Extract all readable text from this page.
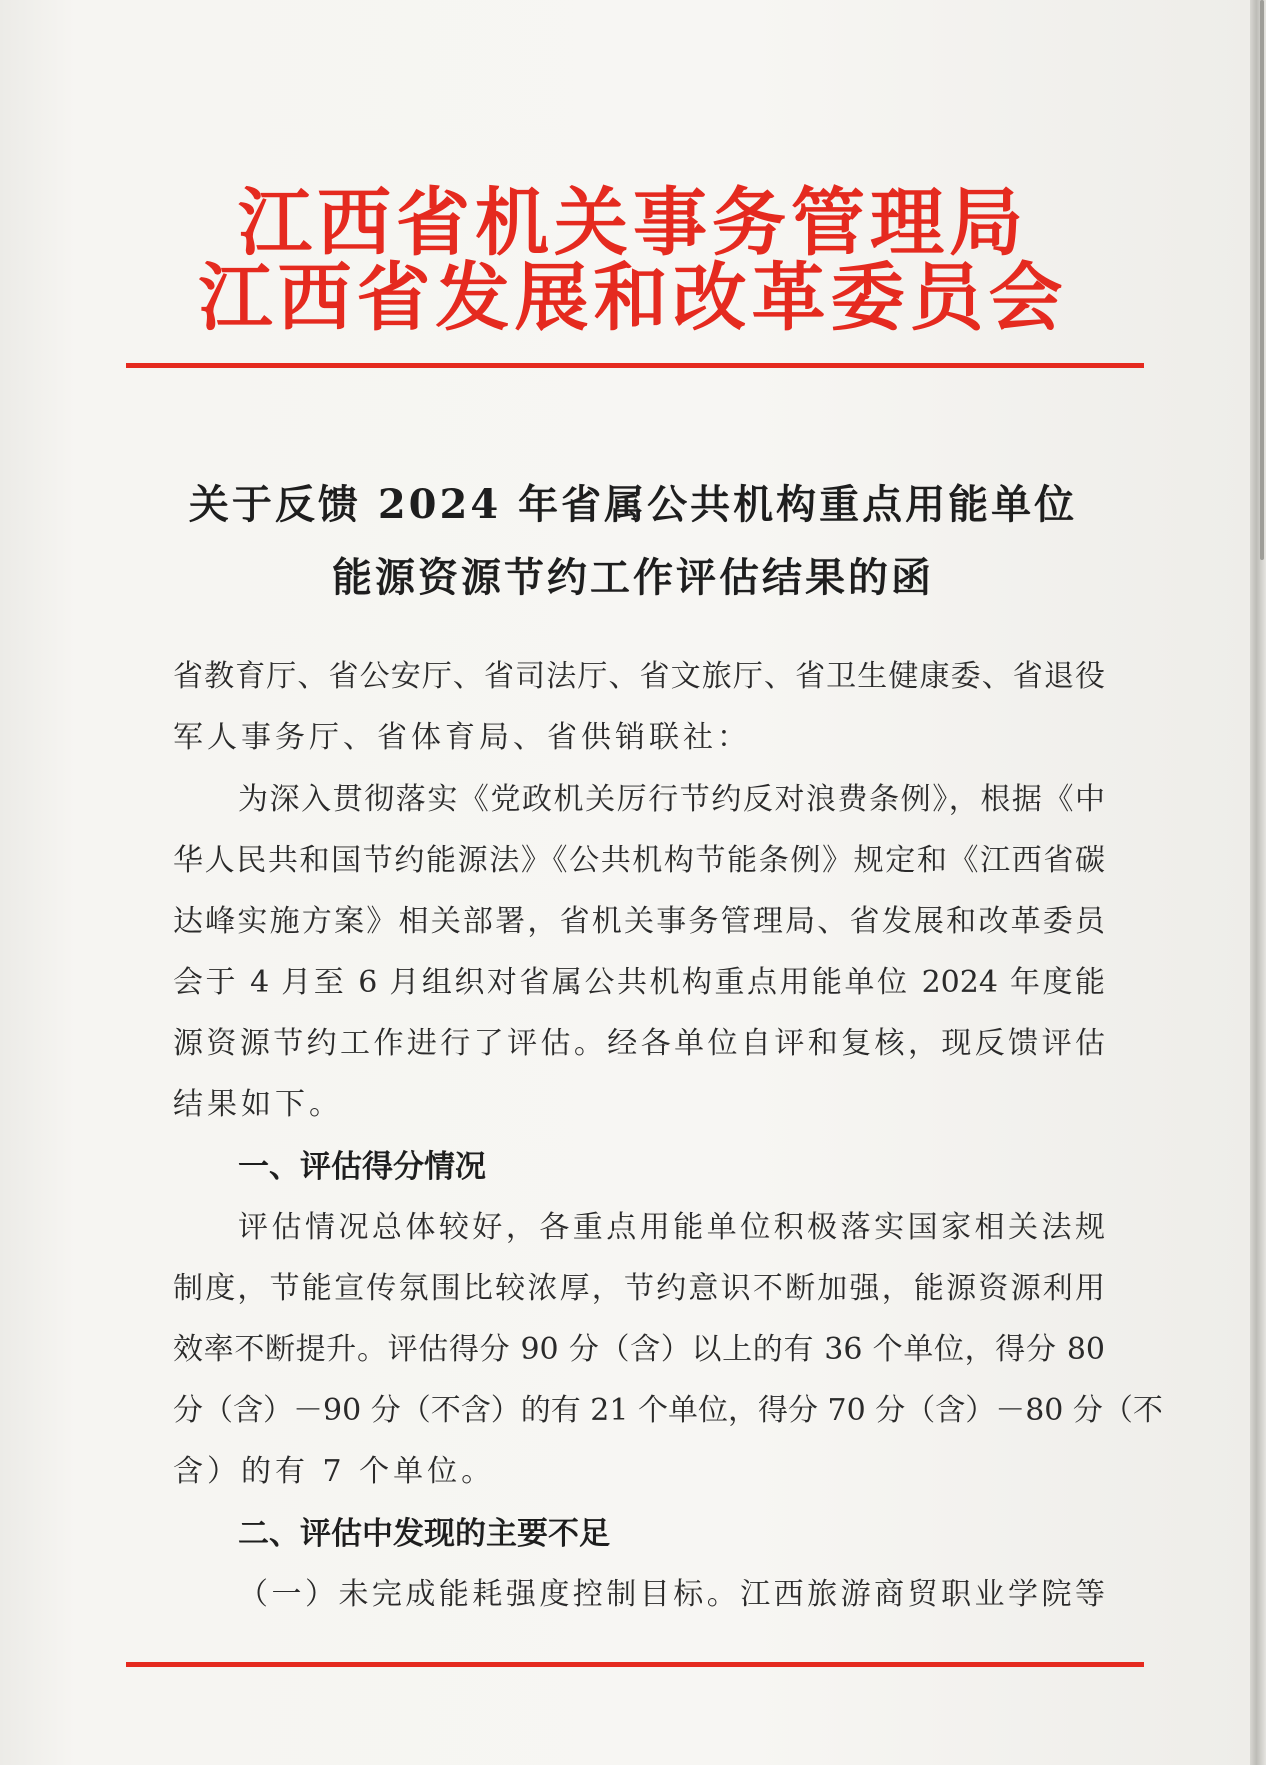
江西省机关事务管理局
江西省发展和改革委员会
关于反馈 2024 年省属公共机构重点用能单位
能源资源节约工作评估结果的函
省教育厅、省公安厅、省司法厅、省文旅厅、省卫生健康委、省退役
军人事务厅、省体育局、省供销联社：
为深入贯彻落实《党政机关厉行节约反对浪费条例》，根据《中
华人民共和国节约能源法》《公共机构节能条例》规定和《江西省碳
达峰实施方案》相关部署，省机关事务管理局、省发展和改革委员
会于 4 月至 6 月组织对省属公共机构重点用能单位 2024 年度能
源资源节约工作进行了评估。经各单位自评和复核，现反馈评估
结果如下。
一、评估得分情况
评估情况总体较好，各重点用能单位积极落实国家相关法规
制度，节能宣传氛围比较浓厚，节约意识不断加强，能源资源利用
效率不断提升。评估得分 90 分（含）以上的有 36 个单位，得分 80
分（含）－90 分（不含）的有 21 个单位，得分 70 分（含）－80 分（不
含）的有 7 个单位。
二、评估中发现的主要不足
（一）未完成能耗强度控制目标。江西旅游商贸职业学院等
